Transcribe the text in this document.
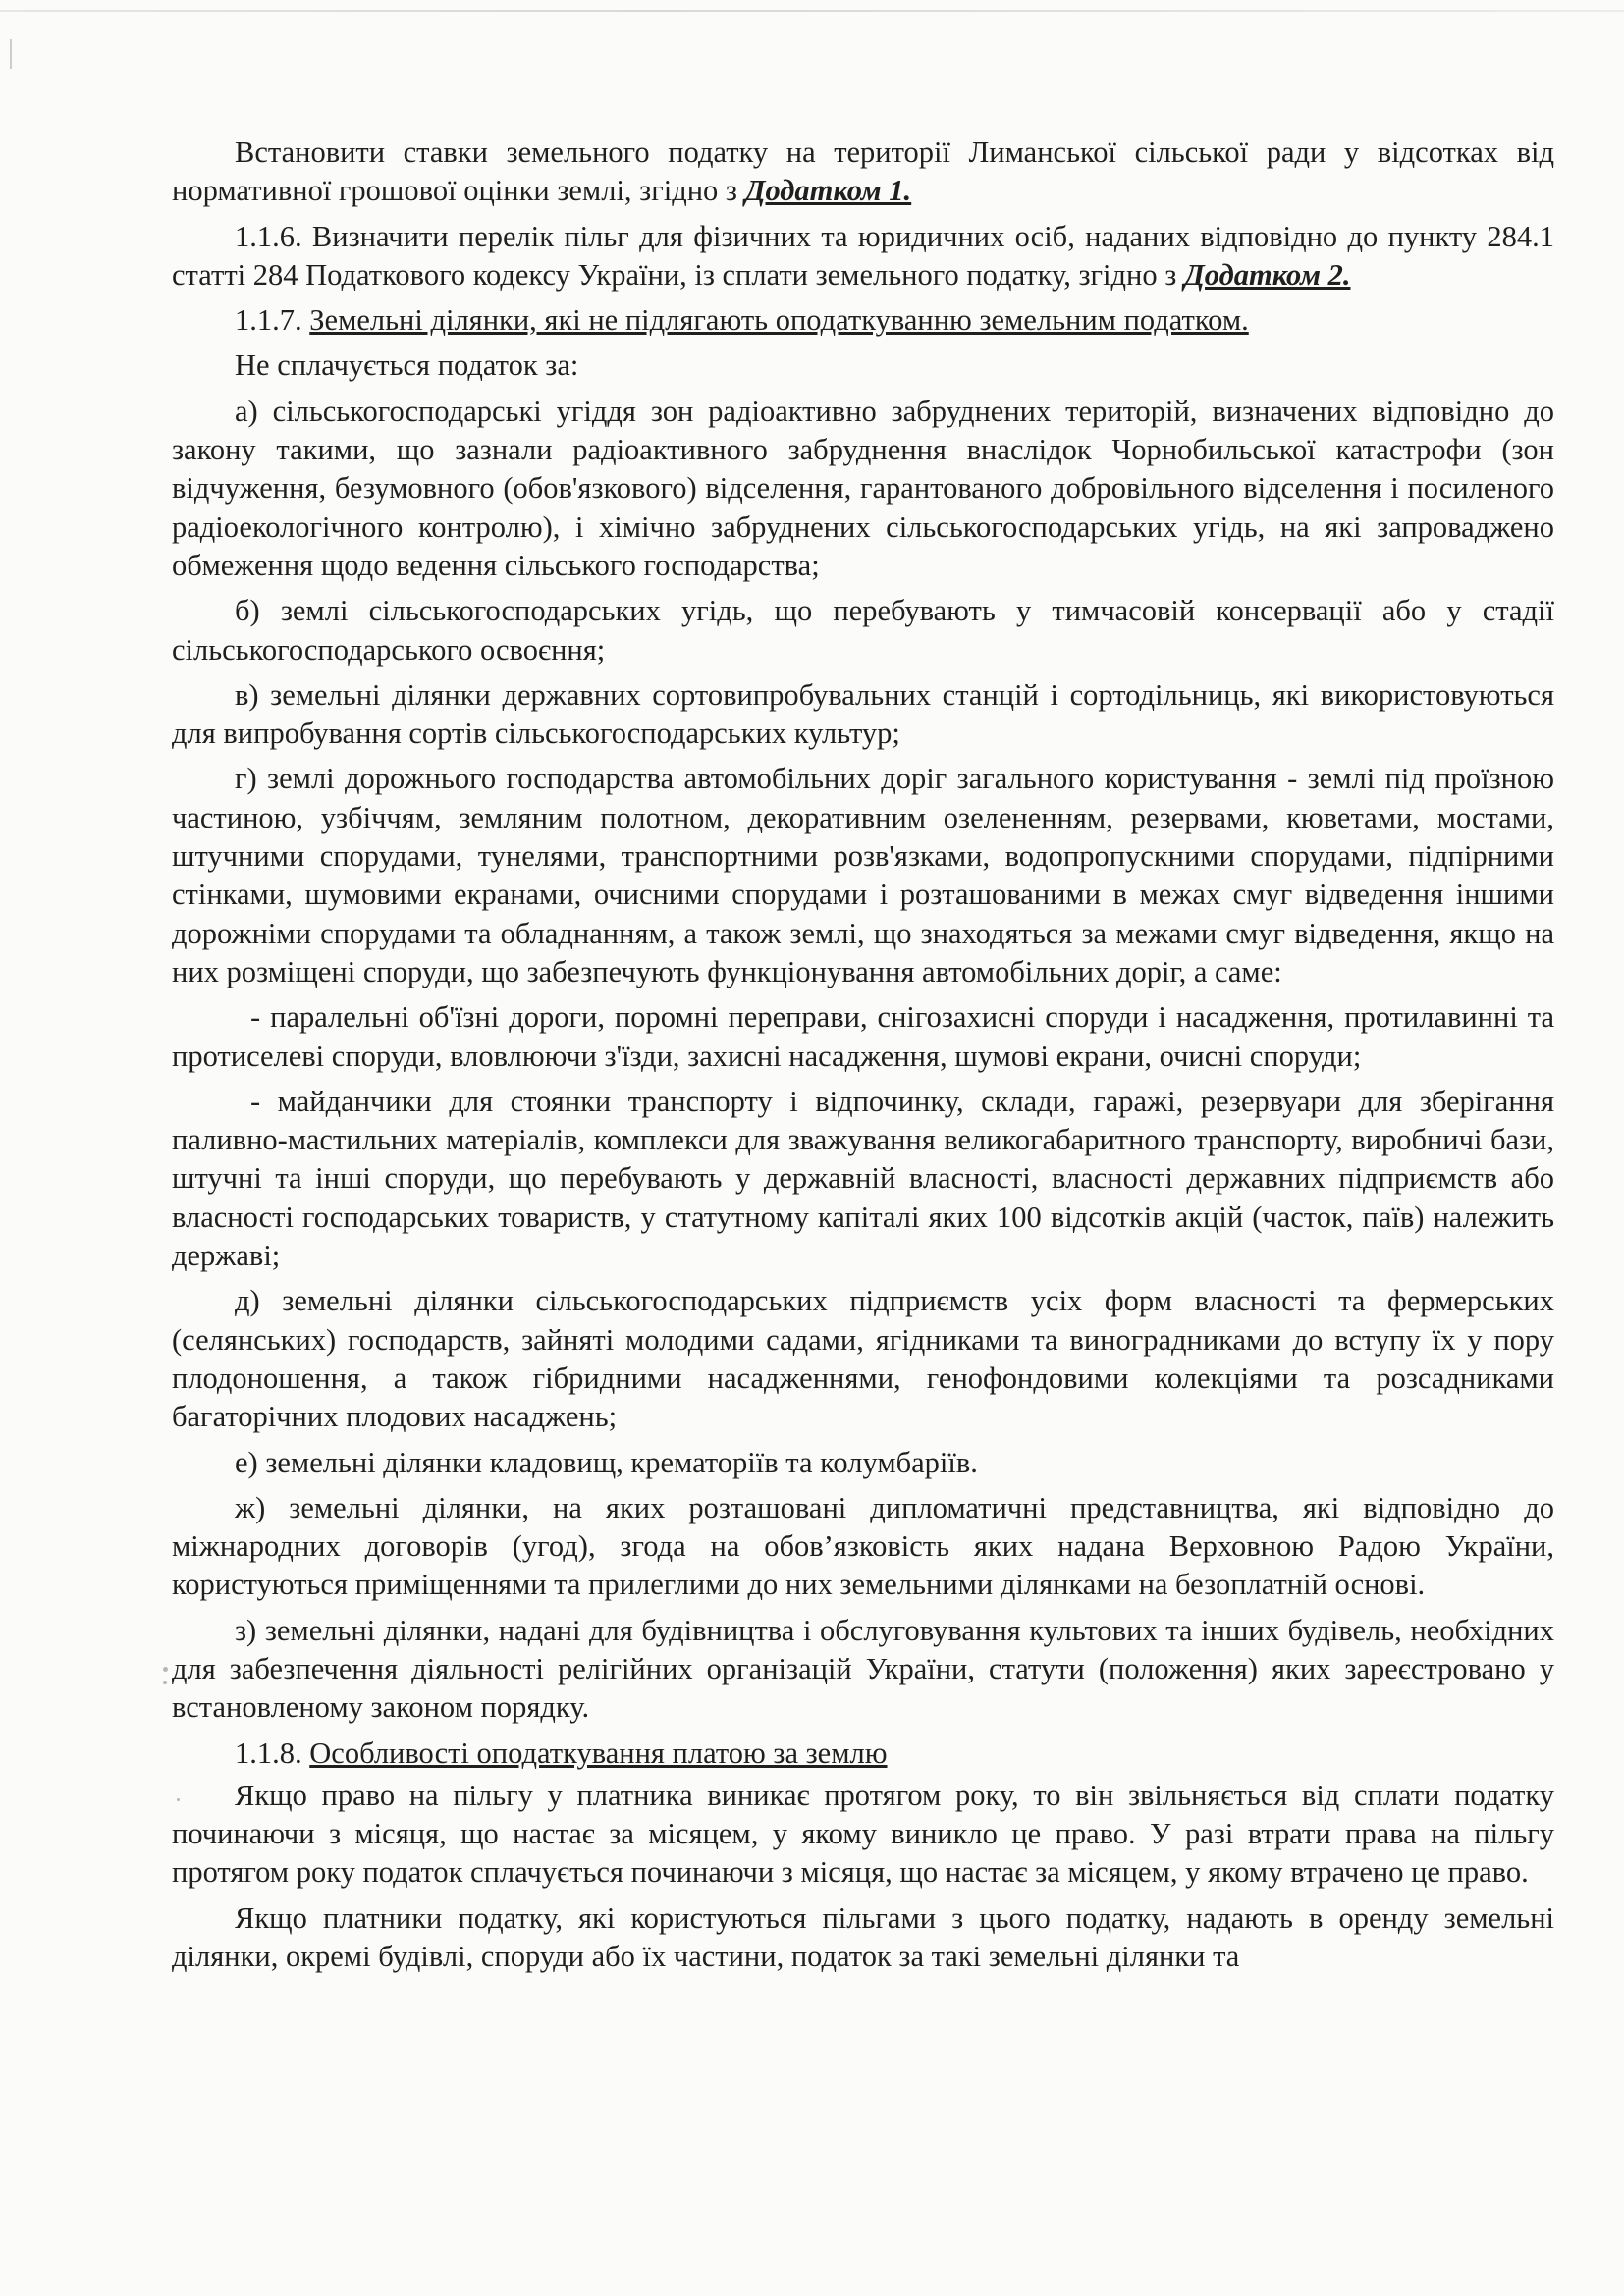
Встановити ставки земельного податку на території Лиманської сільської ради у відсотках від нормативної грошової оцінки землі, згідно з Додатком 1.

1.1.6. Визначити перелік пільг для фізичних та юридичних осіб, наданих відповідно до пункту 284.1 статті 284 Податкового кодексу України, із сплати земельного податку, згідно з Додатком 2.

1.1.7. Земельні ділянки, які не підлягають оподаткуванню земельним податком.

Не сплачується податок за:

а) сільськогосподарські угіддя зон радіоактивно забруднених територій, визначених відповідно до закону такими, що зазнали радіоактивного забруднення внаслідок Чорнобильської катастрофи (зон відчуження, безумовного (обов'язкового) відселення, гарантованого добровільного відселення і посиленого радіоекологічного контролю), і хімічно забруднених сільськогосподарських угідь, на які запроваджено обмеження щодо ведення сільського господарства;

б) землі сільськогосподарських угідь, що перебувають у тимчасовій консервації або у стадії сільськогосподарського освоєння;

в) земельні ділянки державних сортовипробувальних станцій і сортодільниць, які використовуються для випробування сортів сільськогосподарських культур;

г) землі дорожнього господарства автомобільних доріг загального користування - землі під проїзною частиною, узбіччям, земляним полотном, декоративним озелененням, резервами, кюветами, мостами, штучними спорудами, тунелями, транспортними розв'язками, водопропускними спорудами, підпірними стінками, шумовими екранами, очисними спорудами і розташованими в межах смуг відведення іншими дорожніми спорудами та обладнанням, а також землі, що знаходяться за межами смуг відведення, якщо на них розміщені споруди, що забезпечують функціонування автомобільних доріг, а саме:

- паралельні об'їзні дороги, поромні переправи, снігозахисні споруди і насадження, протилавинні та протиселеві споруди, вловлюючи з'їзди, захисні насадження, шумові екрани, очисні споруди;

- майданчики для стоянки транспорту і відпочинку, склади, гаражі, резервуари для зберігання паливно-мастильних матеріалів, комплекси для зважування великогабаритного транспорту, виробничі бази, штучні та інші споруди, що перебувають у державній власності, власності державних підприємств або власності господарських товариств, у статутному капіталі яких 100 відсотків акцій (часток, паїв) належить державі;

д) земельні ділянки сільськогосподарських підприємств усіх форм власності та фермерських (селянських) господарств, зайняті молодими садами, ягідниками та виноградниками до вступу їх у пору плодоношення, а також гібридними насадженнями, генофондовими колекціями та розсадниками багаторічних плодових насаджень;

е) земельні ділянки кладовищ, крематоріїв та колумбаріїв.

ж) земельні ділянки, на яких розташовані дипломатичні представництва, які відповідно до міжнародних договорів (угод), згода на обов’язковість яких надана Верховною Радою України, користуються приміщеннями та прилеглими до них земельними ділянками на безоплатній основі.

з) земельні ділянки, надані для будівництва і обслуговування культових та інших будівель, необхідних для забезпечення діяльності релігійних організацій України, статути (положення) яких зареєстровано у встановленому законом порядку.

1.1.8. Особливості оподаткування платою за землю

Якщо право на пільгу у платника виникає протягом року, то він звільняється від сплати податку починаючи з місяця, що настає за місяцем, у якому виникло це право. У разі втрати права на пільгу протягом року податок сплачується починаючи з місяця, що настає за місяцем, у якому втрачено це право.

Якщо платники податку, які користуються пільгами з цього податку, надають в оренду земельні ділянки, окремі будівлі, споруди або їх частини, податок за такі земельні ділянки та
